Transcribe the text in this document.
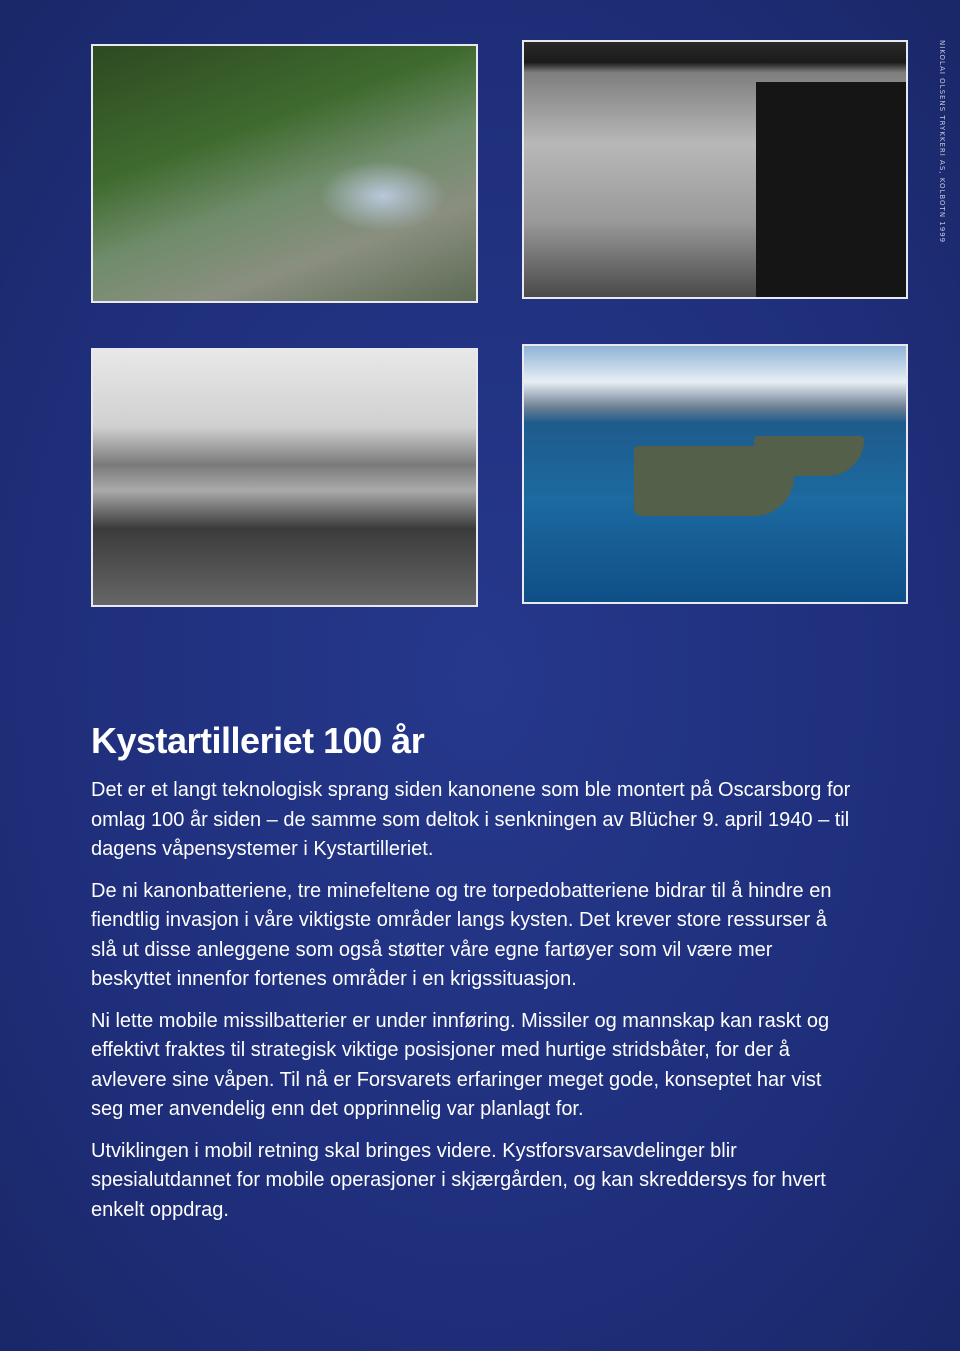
Kystartilleriet 100 år

Det er et langt teknologisk sprang siden kanonene som ble montert på Oscarsborg for omlag 100 år siden – de samme som deltok i senkningen av Blücher 9. april 1940 – til dagens våpensystemer i Kystartilleriet.

De ni kanonbatteriene, tre minefeltene og tre torpedobatteriene bidrar til å hindre en fiendtlig invasjon i våre viktigste områder langs kysten. Det krever store ressurser å slå ut disse anleggene som også støtter våre egne fartøyer som vil være mer beskyttet innenfor fortenes områder i en krigssituasjon.

Ni lette mobile missilbatterier er under innføring. Missiler og mannskap kan raskt og effektivt fraktes til strategisk viktige posisjoner med hurtige stridsbåter, for der å avlevere sine våpen. Til nå er Forsvarets erfaringer meget gode, konseptet har vist seg mer anvendelig enn det opprinnelig var planlagt for.

Utviklingen i mobil retning skal bringes videre. Kystforsvarsavdelinger blir spesialutdannet for mobile operasjoner i skjærgården, og kan skreddersys for hvert enkelt oppdrag.

NIKOLAI OLSENS TRYKKERI AS, KOLBOTN 1999
